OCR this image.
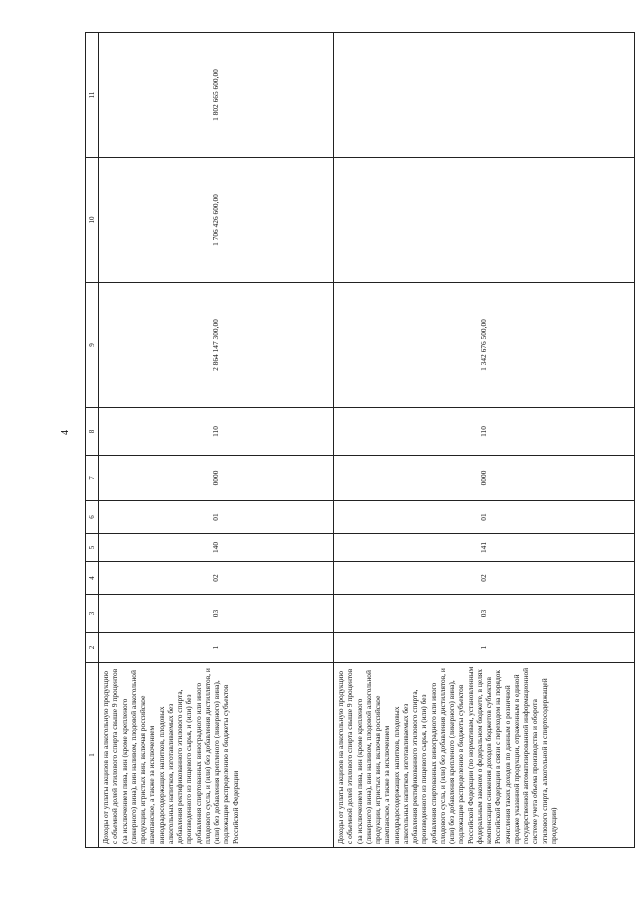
4
1	2	3	4	5	6	7	8	9	10	11
Доходы от уплаты акцизов на алкогольную продукцию с объемной долей этилового спирта свыше 9 процентов (за исключением пива, вин (кроме крепленого (ликерного) вина), вин наливом, плодовой алкогольной продукции, игристых вин, включая российское шампанское, а также за исключением винодрадосодержащих напитков, плодовых алкогольных напитков, изготавливаемых без добавления ректификованного этилового спирта, произведенного из пищевого сырья, и (или) без добавления спиртованных виноградного или иного плодового сусла, и (или) без добавления дистиллятов, и (или) без добавления крепленого (ликерного) вина), подлежащие распределению в бюджеты субъектов Российской Федерации	1	03	02	140	01	0000	110	2 864 147 300,00	1 706 426 600,00	1 802 665 600,00
Доходы от уплаты акцизов на алкогольную продукцию с объемной долей этилового спирта свыше 9 процентов (за исключением пива, вин (кроме крепленого (ликерного) вина), вин наливом, плодовой алкогольной продукции, игристых вин, включая российское шампанское, а также за исключением винодрадосодержащих напитков, плодовых алкогольных напитков, изготавливаемых без добавления ректификованного этилового спирта, произведенного из пищевого сырья, и (или) без добавления спиртованных виноградного или иного плодового сусла, и (или) без добавления дистиллятов, и (или) без добавления крепленого (ликерного) вина), подлежащие распределению в бюджеты субъектов Российской Федерации (по нормативам, установленным федеральным законом о федеральном бюджете, в целях компенсации снижения доходов бюджетов субъектов Российской Федерации в связи с переходом на порядок зачисления таких доходов по данным о розничной продаже указанной продукции, отраженным в единой государственной автоматизированной информационной системе учета объема производства и оборота этилового спирта, алкогольной и спиртосодержащей продукции)	1	03	02	141	01	0000	110	1 342 676 500,00		
